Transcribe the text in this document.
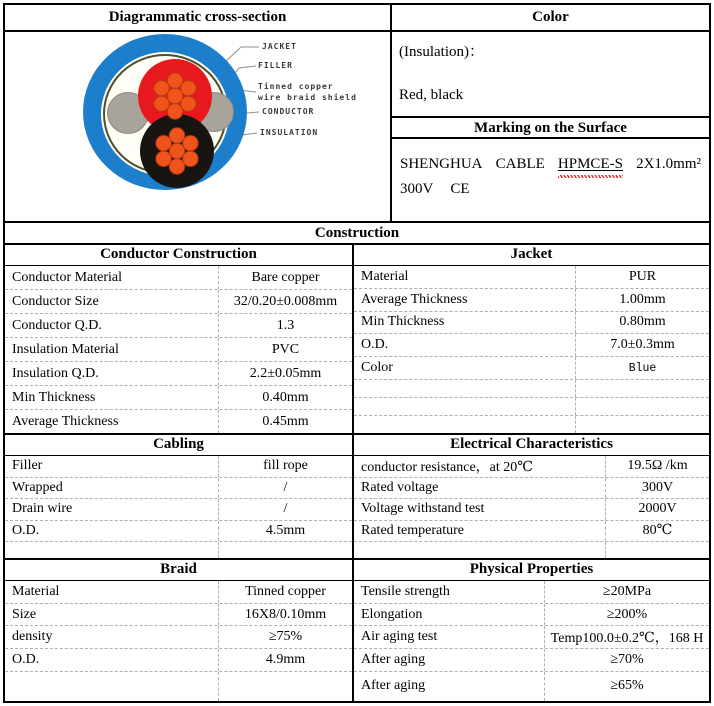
Diagrammatic cross-section
JACKET
FILLER
Tinned copper
wire braid shield
CONDUCTOR
INSULATION
Color
(Insulation)：
Red, black
Marking on the Surface
SHENGHUA CABLE HPMCE-S 2X1.0mm²
300V CE
Construction
Conductor Construction
Conductor Material	Bare copper
Conductor Size	32/0.20±0.008mm
Conductor Q.D.	1.3
Insulation Material	PVC
Insulation Q.D.	2.2±0.05mm
Min Thickness	0.40mm
Average Thickness	0.45mm
Jacket
Material	PUR
Average Thickness	1.00mm
Min Thickness	0.80mm
O.D.	7.0±0.3mm
Color	Blue
Cabling
Filler	fill rope
Wrapped	/
Drain wire	/
O.D.	4.5mm
Electrical Characteristics
conductor resistance，at 20℃	19.5Ω /km
Rated voltage	300V
Voltage withstand test	2000V
Rated temperature	80℃
Braid
Material	Tinned copper
Size	16X8/0.10mm
density	≥75%
O.D.	4.9mm
Physical Properties
Tensile strength	≥20MPa
Elongation	≥200%
Air aging test	Temp100.0±0.2℃，168 H
After aging	≥70%
After aging	≥65%
